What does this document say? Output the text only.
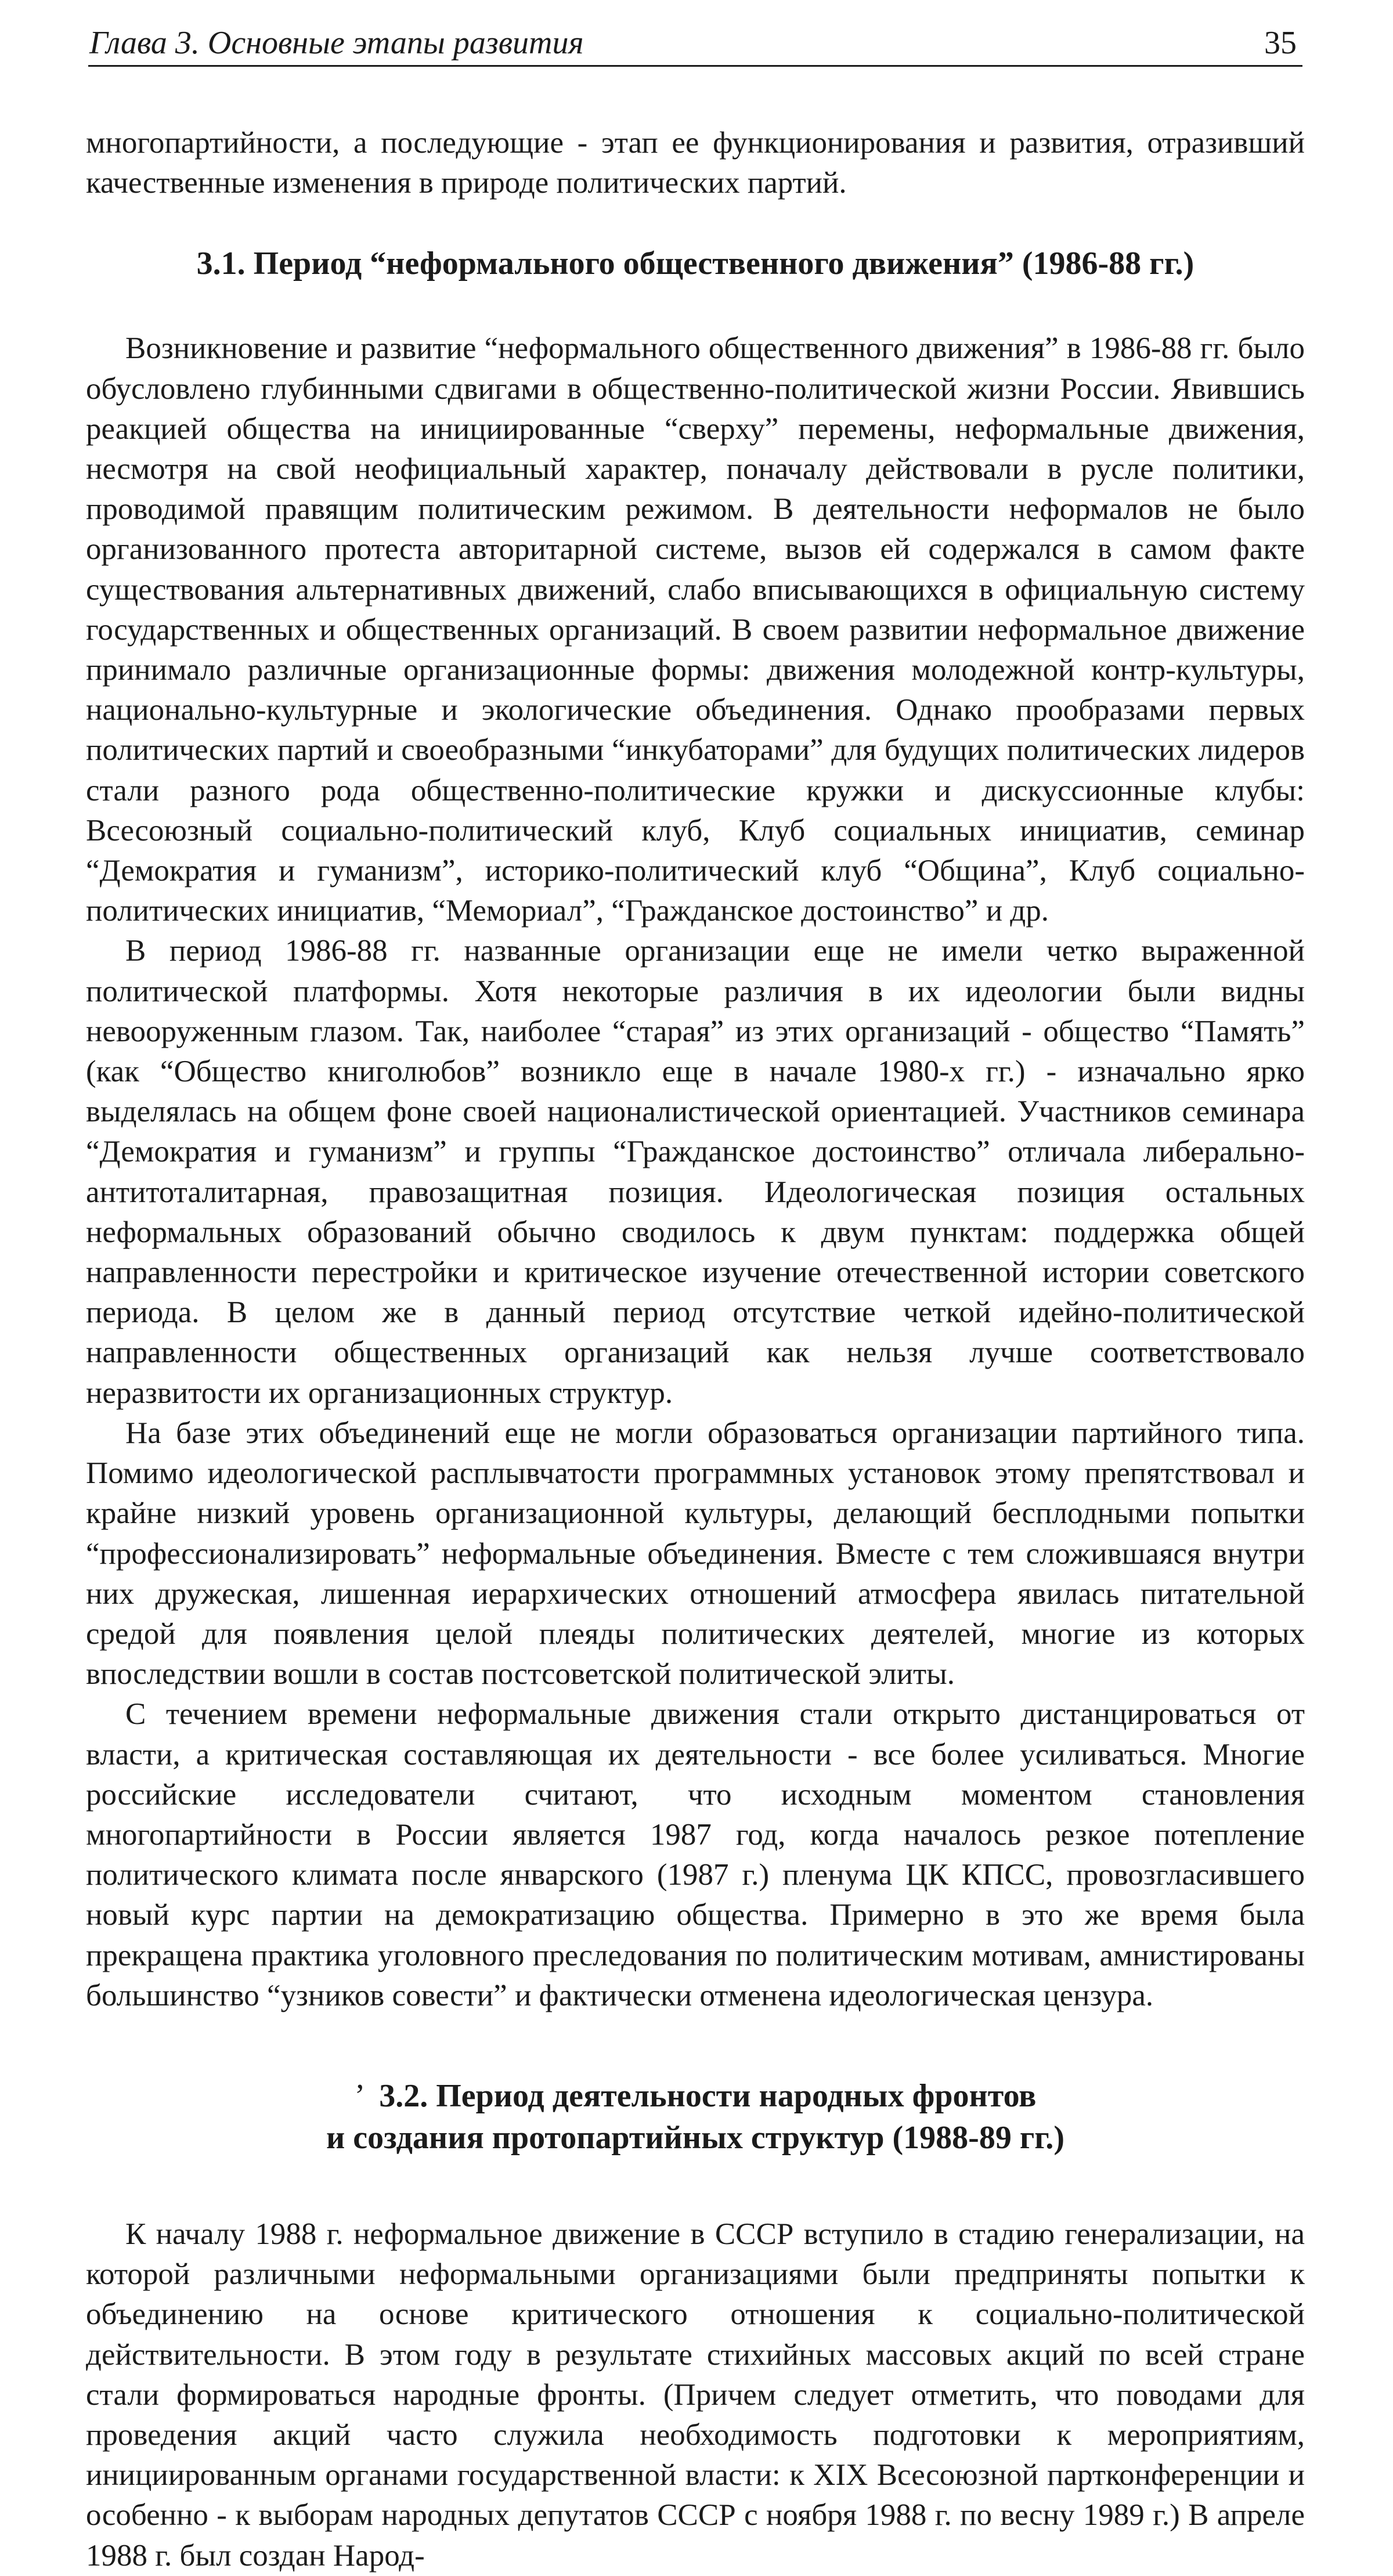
Глава 3. Основные этапы развития	35

многопартийности, а последующие - этап ее функционирования и развития, отразивший качественные изменения в природе политических партий.

3.1. Период “неформального общественного движения” (1986-88 гг.)

Возникновение и развитие “неформального общественного движения” в 1986-88 гг. было обусловлено глубинными сдвигами в общественно-политической жизни России. Явившись реакцией общества на инициированные “сверху” перемены, неформальные движения, несмотря на свой неофициальный характер, поначалу действовали в русле политики, проводимой правящим политическим режимом. В деятельности неформалов не было организованного протеста авторитарной системе, вызов ей содержался в самом факте существования альтернативных движений, слабо вписывающихся в официальную систему государственных и общественных организаций. В своем развитии неформальное движение принимало различные организационные формы: движения молодежной контр-культуры, национально-культурные и экологические объединения. Однако прообразами первых политических партий и своеобразными “инкубаторами” для будущих политических лидеров стали разного рода общественно-политические кружки и дискуссионные клубы: Всесоюзный социально-политический клуб, Клуб социальных инициатив, семинар “Демократия и гуманизм”, историко-политический клуб “Община”, Клуб социально-политических инициатив, “Мемориал”, “Гражданское достоинство” и др.

В период 1986-88 гг. названные организации еще не имели четко выраженной политической платформы. Хотя некоторые различия в их идеологии были видны невооруженным глазом. Так, наиболее “старая” из этих организаций - общество “Память” (как “Общество книголюбов” возникло еще в начале 1980-х гг.) - изначально ярко выделялась на общем фоне своей националистической ориентацией. Участников семинара “Демократия и гуманизм” и группы “Гражданское достоинство” отличала либерально-антитоталитарная, правозащитная позиция. Идеологическая позиция остальных неформальных образований обычно сводилось к двум пунктам: поддержка общей направленности перестройки и критическое изучение отечественной истории советского периода. В целом же в данный период отсутствие четкой идейно-политической направленности общественных организаций как нельзя лучше соответствовало неразвитости их организационных структур.

На базе этих объединений еще не могли образоваться организации партийного типа. Помимо идеологической расплывчатости программных установок этому препятствовал и крайне низкий уровень организационной культуры, делающий бесплодными попытки “профессионализировать” неформальные объединения. Вместе с тем сложившаяся внутри них дружеская, лишенная иерархических отношений атмосфера явилась питательной средой для появления целой плеяды политических деятелей, многие из которых впоследствии вошли в состав постсоветской политической элиты.

С течением времени неформальные движения стали открыто дистанцироваться от власти, а критическая составляющая их деятельности - все более усиливаться. Многие российские исследователи считают, что исходным моментом становления многопартийности в России является 1987 год, когда началось резкое потепление политического климата после январского (1987 г.) пленума ЦК КПСС, провозгласившего новый курс партии на демократизацию общества. Примерно в это же время была прекращена практика уголовного преследования по политическим мотивам, амнистированы большинство “узников совести” и фактически отменена идеологическая цензура.

’ 3.2. Период деятельности народных фронтов
и создания протопартийных структур (1988-89 гг.)

К началу 1988 г. неформальное движение в СССР вступило в стадию генерализации, на которой различными неформальными организациями были предприняты попытки к объединению на основе критического отношения к социально-политической действительности. В этом году в результате стихийных массовых акций по всей стране стали формироваться народные фронты. (Причем следует отметить, что поводами для проведения акций часто служила необходимость подготовки к мероприятиям, инициированным органами государственной власти: к XIX Всесоюзной партконференции и особенно - к выборам народных депутатов СССР с ноября 1988 г. по весну 1989 г.) В апреле 1988 г. был создан Народ-
